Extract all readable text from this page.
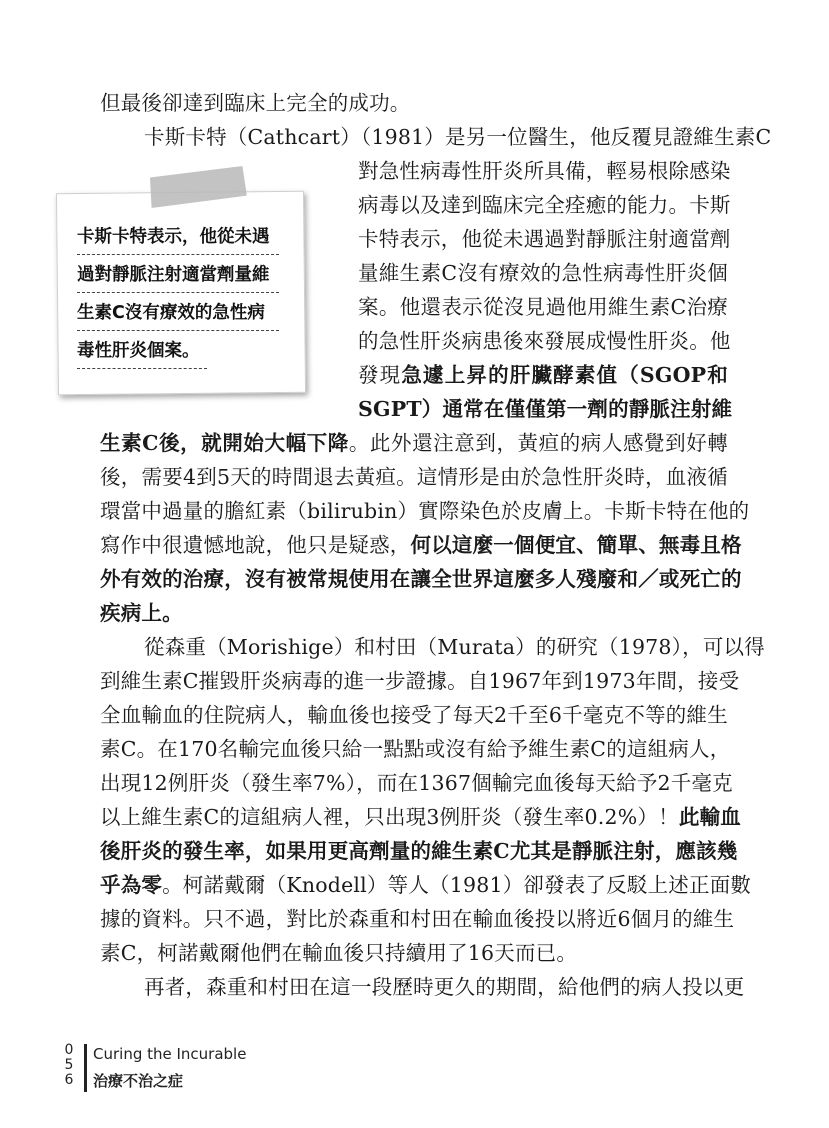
但最後卻達到臨床上完全的成功。
卡斯卡特（Cathcart）（1981）是另一位醫生，他反覆見證維生素C
對急性病毒性肝炎所具備，輕易根除感染
病毒以及達到臨床完全痊癒的能力。卡斯
卡特表示，他從未遇過對靜脈注射適當劑
量維生素C沒有療效的急性病毒性肝炎個
案。他還表示從沒見過他用維生素C治療
的急性肝炎病患後來發展成慢性肝炎。他
發現急遽上昇的肝臟酵素值（SGOP和
SGPT）通常在僅僅第一劑的靜脈注射維
生素C後，就開始大幅下降。此外還注意到，黃疸的病人感覺到好轉
後，需要4到5天的時間退去黃疸。這情形是由於急性肝炎時，血液循
環當中過量的膽紅素（bilirubin）實際染色於皮膚上。卡斯卡特在他的
寫作中很遺憾地說，他只是疑惑，何以這麼一個便宜、簡單、無毒且格
外有效的治療，沒有被常規使用在讓全世界這麼多人殘廢和／或死亡的
疾病上。
從森重（Morishige）和村田（Murata）的研究（1978），可以得
到維生素C摧毀肝炎病毒的進一步證據。自1967年到1973年間，接受
全血輸血的住院病人，輸血後也接受了每天2千至6千毫克不等的維生
素C。在170名輸完血後只給一點點或沒有給予維生素C的這組病人，
出現12例肝炎（發生率7%），而在1367個輸完血後每天給予2千毫克
以上維生素C的這組病人裡，只出現3例肝炎（發生率0.2%）！此輸血
後肝炎的發生率，如果用更高劑量的維生素C尤其是靜脈注射，應該幾
乎為零。柯諾戴爾（Knodell）等人（1981）卻發表了反駁上述正面數
據的資料。只不過，對比於森重和村田在輸血後投以將近6個月的維生
素C，柯諾戴爾他們在輸血後只持續用了16天而已。
再者，森重和村田在這一段歷時更久的期間，給他們的病人投以更
卡斯卡特表示，他從未遇
過對靜脈注射適當劑量維
生素C沒有療效的急性病
毒性肝炎個案。
0
5
6
Curing the Incurable
治療不治之症
